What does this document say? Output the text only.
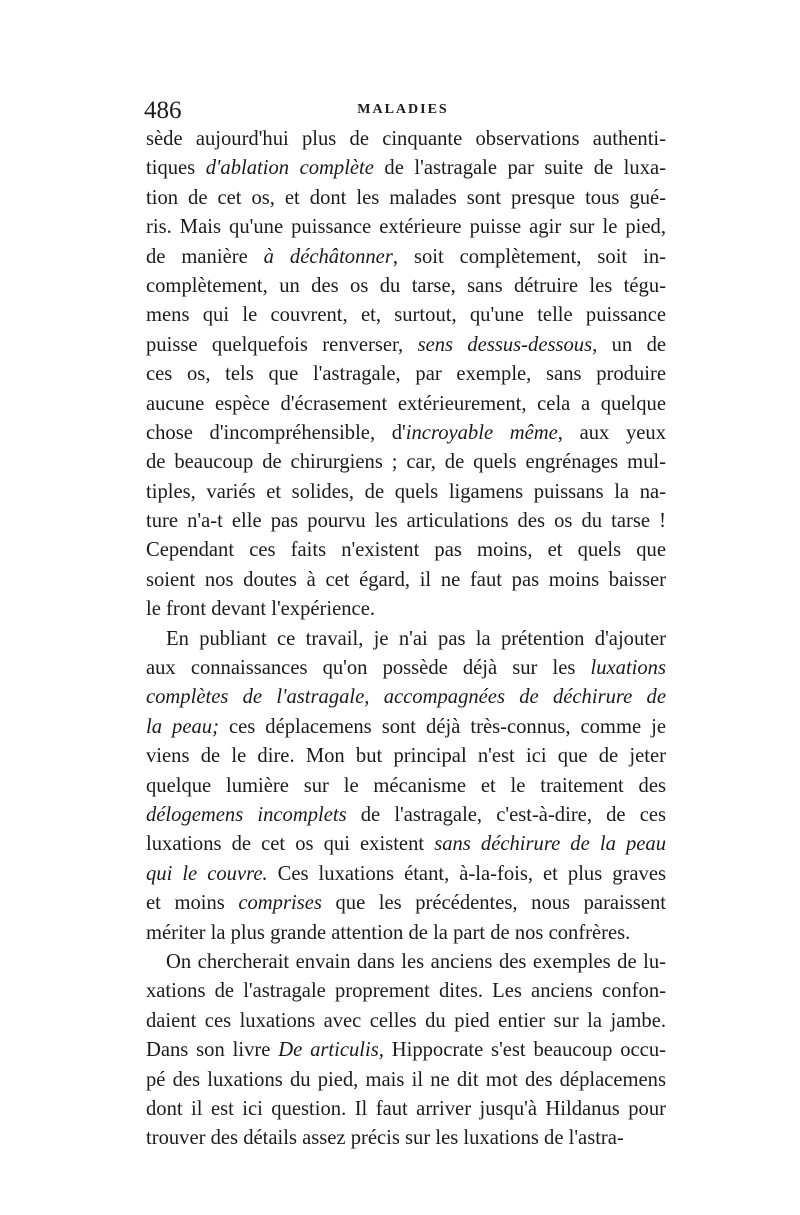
486	MALADIES
sède aujourd'hui plus de cinquante observations authenti-
tiques d'ablation complète de l'astragale par suite de luxa-
tion de cet os, et dont les malades sont presque tous gué-
ris. Mais qu'une puissance extérieure puisse agir sur le pied,
de manière à déchâtonner, soit complètement, soit in-
complètement, un des os du tarse, sans détruire les tégu-
mens qui le couvrent, et, surtout, qu'une telle puissance
puisse quelquefois renverser, sens dessus-dessous, un de
ces os, tels que l'astragale, par exemple, sans produire
aucune espèce d'écrasement extérieurement, cela a quelque
chose d'incompréhensible, d'incroyable même, aux yeux
de beaucoup de chirurgiens ; car, de quels engrénages mul-
tiples, variés et solides, de quels ligamens puissans la na-
ture n'a-t elle pas pourvu les articulations des os du tarse !
Cependant ces faits n'existent pas moins, et quels que
soient nos doutes à cet égard, il ne faut pas moins baisser
le front devant l'expérience.
En publiant ce travail, je n'ai pas la prétention d'ajouter
aux connaissances qu'on possède déjà sur les luxations
complètes de l'astragale, accompagnées de déchirure de
la peau; ces déplacemens sont déjà très-connus, comme je
viens de le dire. Mon but principal n'est ici que de jeter
quelque lumière sur le mécanisme et le traitement des
délogemens incomplets de l'astragale, c'est-à-dire, de ces
luxations de cet os qui existent sans déchirure de la peau
qui le couvre. Ces luxations étant, à-la-fois, et plus graves
et moins comprises que les précédentes, nous paraissent
mériter la plus grande attention de la part de nos confrères.
On chercherait envain dans les anciens des exemples de lu-
xations de l'astragale proprement dites. Les anciens confon-
daient ces luxations avec celles du pied entier sur la jambe.
Dans son livre De articulis, Hippocrate s'est beaucoup occu-
pé des luxations du pied, mais il ne dit mot des déplacemens
dont il est ici question. Il faut arriver jusqu'à Hildanus pour
trouver des détails assez précis sur les luxations de l'astra-
